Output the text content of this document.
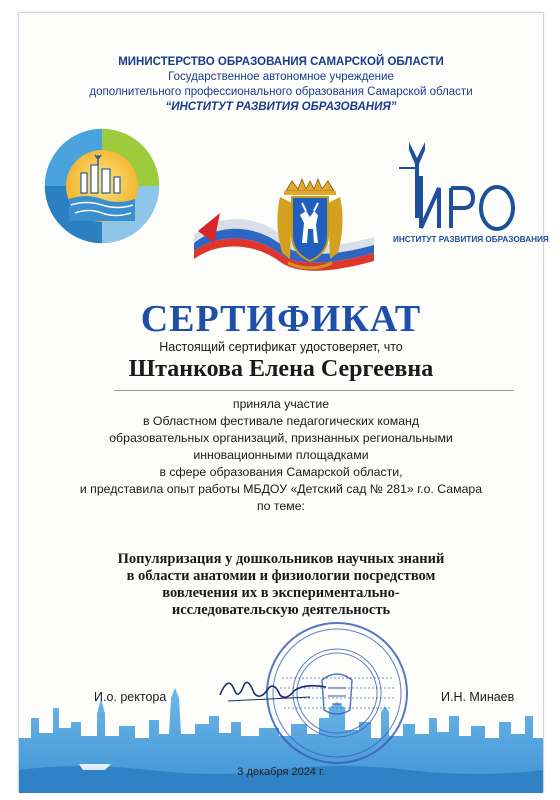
МИНИСТЕРСТВО ОБРАЗОВАНИЯ САМАРСКОЙ ОБЛАСТИ
Государственное автономное учреждение
дополнительного профессионального образования Самарской области
“ИНСТИТУТ РАЗВИТИЯ ОБРАЗОВАНИЯ”
ИНСТИТУТ РАЗВИТИЯ ОБРАЗОВАНИЯ
СЕРТИФИКАТ
Настоящий сертификат удостоверяет, что
Штанкова Елена Сергеевна
приняла участие
в Областном фестивале педагогических команд
образовательных организаций, признанных региональными
инновационными площадками
в сфере образования Самарской области,
и представила опыт работы МБДОУ «Детский сад № 281» г.о. Самара
по теме:
Популяризация у дошкольников научных знаний
в области анатомии и физиологии посредством
вовлечения их в экспериментально-
исследовательскую деятельность
И.о. ректора	И.Н. Минаев
3 декабря 2024 г.
